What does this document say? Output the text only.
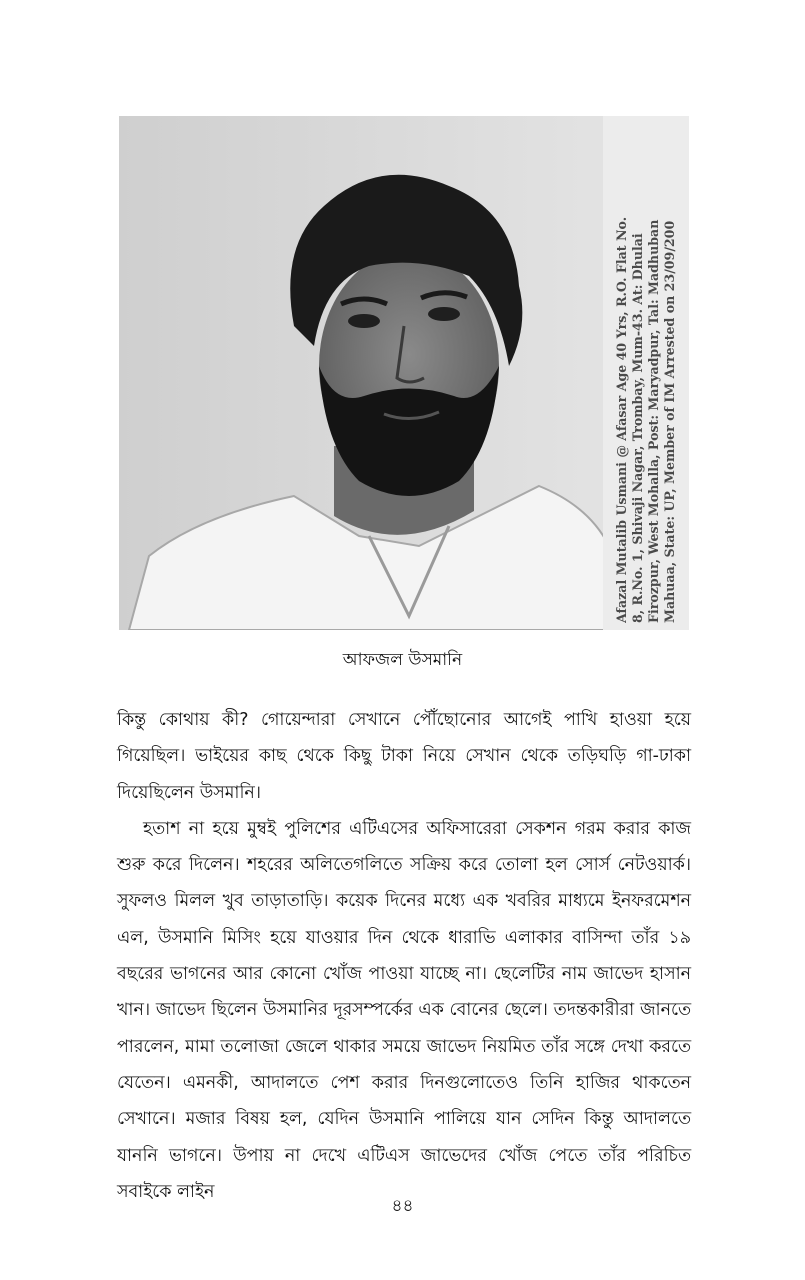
Afazal Mutalib Usmani @ Afasar Age 40 Yrs, R.O. Flat No. 8, R.No. 1, Shivaji Nagar, Trombay, Mum-43. At: Dhulai Firozpur, West Mohalla, Post: Maryadpur, Tal: Madhuban Mahuaa, State: UP, Member of IM Arrested on 23/09/200
আফজল উসমানি

কিন্তু কোথায় কী? গোয়েন্দারা সেখানে পৌঁছোনোর আগেই পাখি হাওয়া হয়ে গিয়েছিল। ভাইয়ের কাছ থেকে কিছু টাকা নিয়ে সেখান থেকে তড়িঘড়ি গা-ঢাকা দিয়েছিলেন উসমানি।

হতাশ না হয়ে মুম্বই পুলিশের এটিএসের অফিসারেরা সেকশন গরম করার কাজ শুরু করে দিলেন। শহরের অলিতেগলিতে সক্রিয় করে তোলা হল সোর্স নেটওয়ার্ক। সুফলও মিলল খুব তাড়াতাড়ি। কয়েক দিনের মধ্যে এক খবরির মাধ্যমে ইনফরমেশন এল, উসমানি মিসিং হয়ে যাওয়ার দিন থেকে ধারাভি এলাকার বাসিন্দা তাঁর ১৯ বছরের ভাগনের আর কোনো খোঁজ পাওয়া যাচ্ছে না। ছেলেটির নাম জাভেদ হাসান খান। জাভেদ ছিলেন উসমানির দূরসম্পর্কের এক বোনের ছেলে। তদন্তকারীরা জানতে পারলেন, মামা তলোজা জেলে থাকার সময়ে জাভেদ নিয়মিত তাঁর সঙ্গে দেখা করতে যেতেন। এমনকী, আদালতে পেশ করার দিনগুলোতেও তিনি হাজির থাকতেন সেখানে। মজার বিষয় হল, যেদিন উসমানি পালিয়ে যান সেদিন কিন্তু আদালতে যাননি ভাগনে। উপায় না দেখে এটিএস জাভেদের খোঁজ পেতে তাঁর পরিচিত সবাইকে লাইন

৪৪
